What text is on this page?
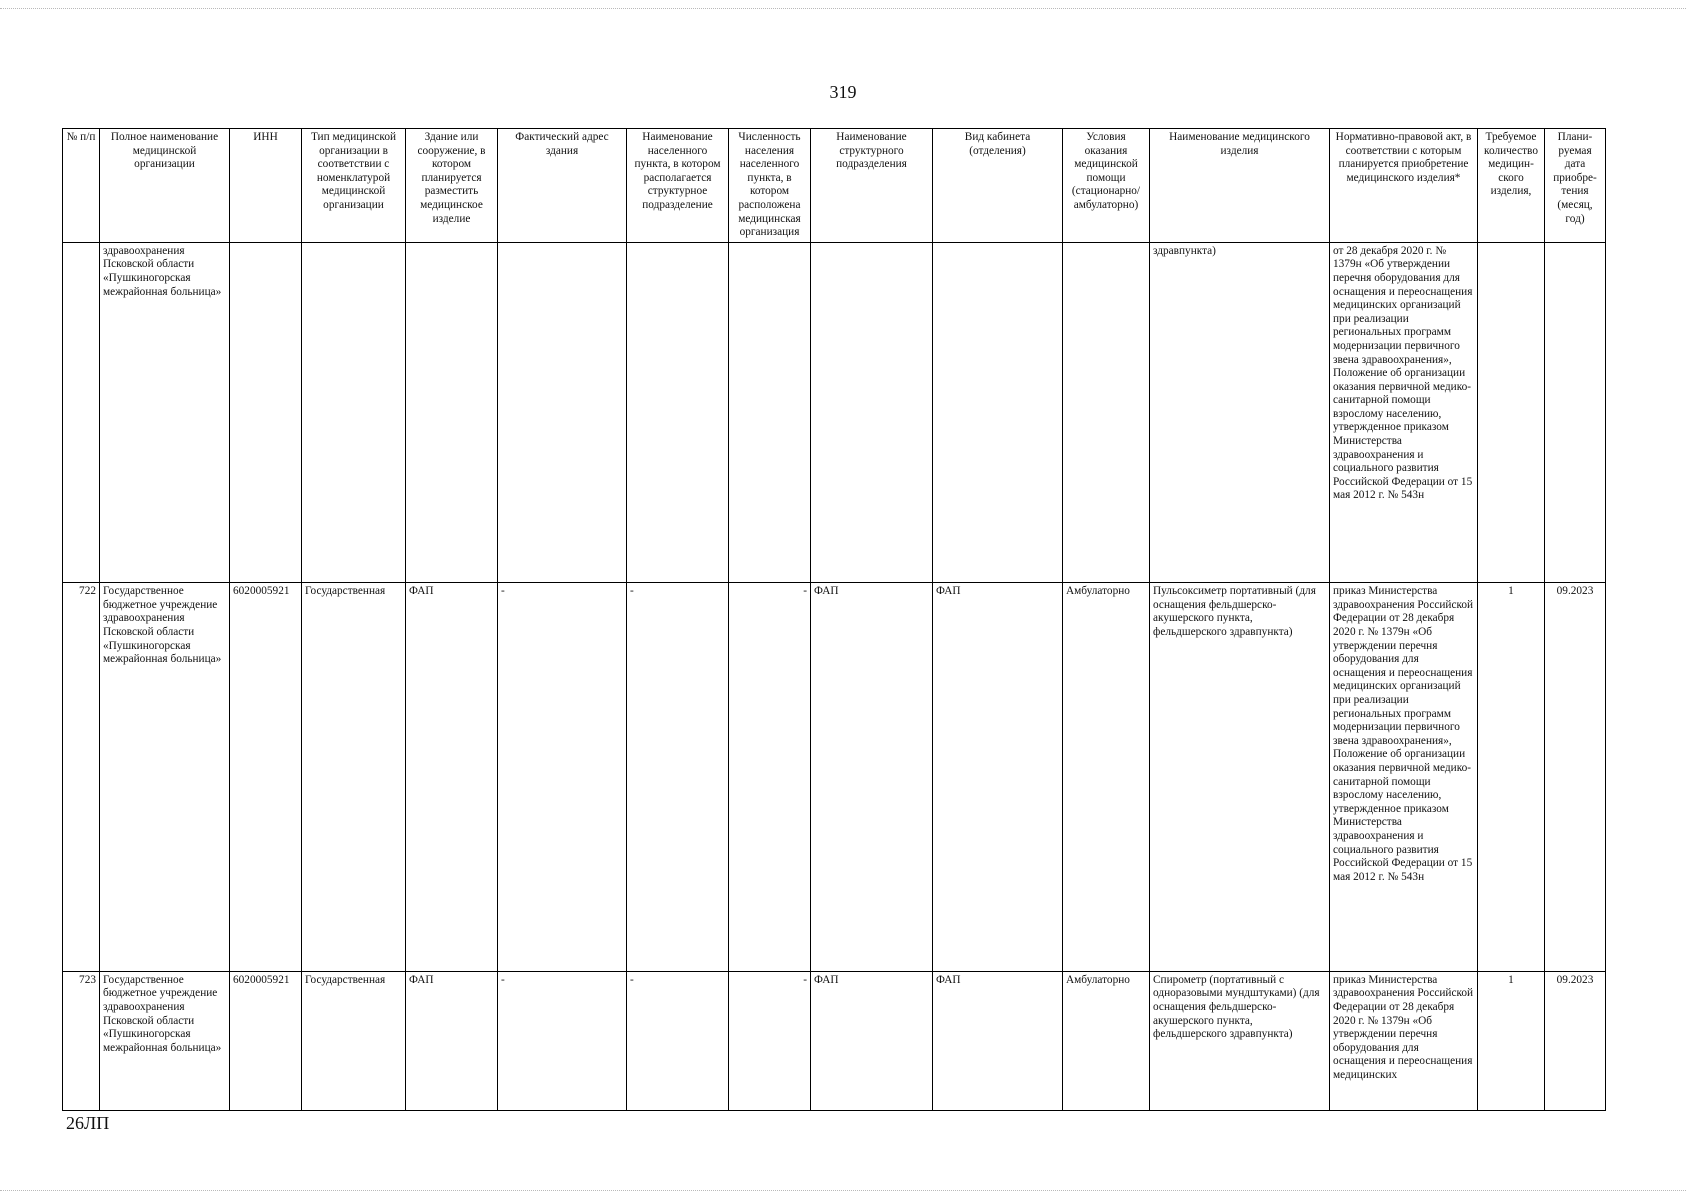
319
№ п/п	Полное наименование медицинской организации	ИНН	Тип медицинской организации в соответствии с номенклатурой медицинской организации	Здание или сооружение, в котором планируется разместить медицинское изделие	Фактический адрес здания	Наименование населенного пункта, в котором располагается структурное подразделение	Численность населения населенного пункта, в котором расположена медицинская организация	Наименование структурного подразделения	Вид кабинета (отделения)	Условия оказания медицинской помощи (стационарно/ амбулаторно)	Наименование медицинского изделия	Нормативно-правовой акт, в соответствии с которым планируется приобретение медицинского изделия*	Требуемое количество медицин-ского изделия,	Плани-руемая дата приобре-тения (месяц, год)
	здравоохранения Псковской области «Пушкиногорская межрайонная больница»										здравпункта)	от 28 декабря 2020 г. № 1379н «Об утверждении перечня оборудования для оснащения и переоснащения медицинских организаций при реализации региональных программ модернизации первичного звена здравоохранения», Положение об организации оказания первичной медико-санитарной помощи взрослому населению, утвержденное приказом Министерства здравоохранения и социального развития Российской Федерации от 15 мая 2012 г. № 543н		
722	Государственное бюджетное учреждение здравоохранения Псковской области «Пушкиногорская межрайонная больница»	6020005921	Государственная	ФАП	-	-	-	ФАП	ФАП	Амбулаторно	Пульсоксиметр портативный (для оснащения фельдшерско-акушерского пункта, фельдшерского здравпункта)	приказ Министерства здравоохранения Российской Федерации от 28 декабря 2020 г. № 1379н «Об утверждении перечня оборудования для оснащения и переоснащения медицинских организаций при реализации региональных программ модернизации первичного звена здравоохранения», Положение об организации оказания первичной медико-санитарной помощи взрослому населению, утвержденное приказом Министерства здравоохранения и социального развития Российской Федерации от 15 мая 2012 г. № 543н	1	09.2023
723	Государственное бюджетное учреждение здравоохранения Псковской области «Пушкиногорская межрайонная больница»	6020005921	Государственная	ФАП	-	-	-	ФАП	ФАП	Амбулаторно	Спирометр (портативный с одноразовыми мундштуками) (для оснащения фельдшерско-акушерского пункта, фельдшерского здравпункта)	приказ Министерства здравоохранения Российской Федерации от 28 декабря 2020 г. № 1379н «Об утверждении перечня оборудования для оснащения и переоснащения медицинских	1	09.2023
26ЛП
